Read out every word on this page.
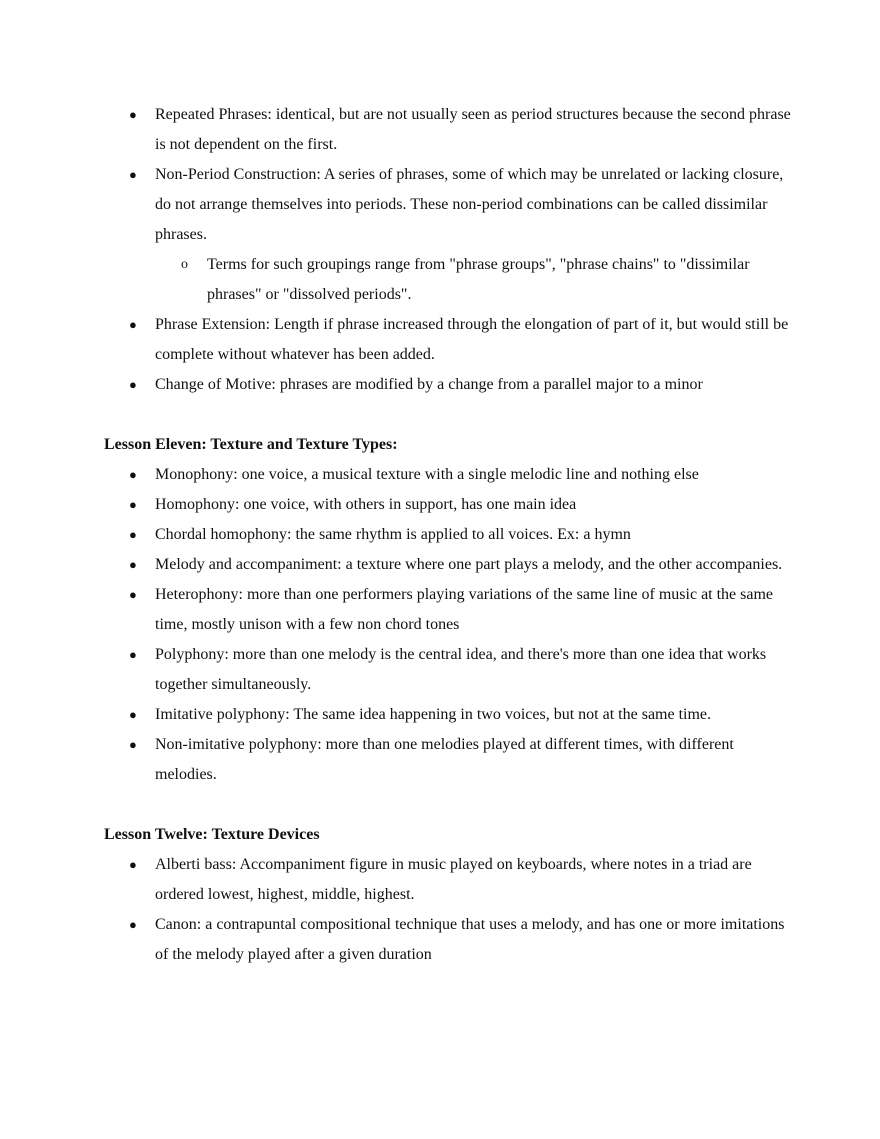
● Repeated Phrases: identical, but are not usually seen as period structures because the second phrase is not dependent on the first.
● Non-Period Construction: A series of phrases, some of which may be unrelated or lacking closure, do not arrange themselves into periods. These non-period combinations can be called dissimilar phrases.
o Terms for such groupings range from "phrase groups", "phrase chains" to "dissimilar phrases" or "dissolved periods".
● Phrase Extension: Length if phrase increased through the elongation of part of it, but would still be complete without whatever has been added.
● Change of Motive: phrases are modified by a change from a parallel major to a minor

Lesson Eleven: Texture and Texture Types:

● Monophony: one voice, a musical texture with a single melodic line and nothing else
● Homophony: one voice, with others in support, has one main idea
● Chordal homophony: the same rhythm is applied to all voices. Ex: a hymn
● Melody and accompaniment: a texture where one part plays a melody, and the other accompanies.
● Heterophony: more than one performers playing variations of the same line of music at the same time, mostly unison with a few non chord tones
● Polyphony: more than one melody is the central idea, and there's more than one idea that works together simultaneously.
● Imitative polyphony: The same idea happening in two voices, but not at the same time.
● Non-imitative polyphony: more than one melodies played at different times, with different melodies.

Lesson Twelve: Texture Devices

● Alberti bass: Accompaniment figure in music played on keyboards, where notes in a triad are ordered lowest, highest, middle, highest.
● Canon: a contrapuntal compositional technique that uses a melody, and has one or more imitations of the melody played after a given duration
